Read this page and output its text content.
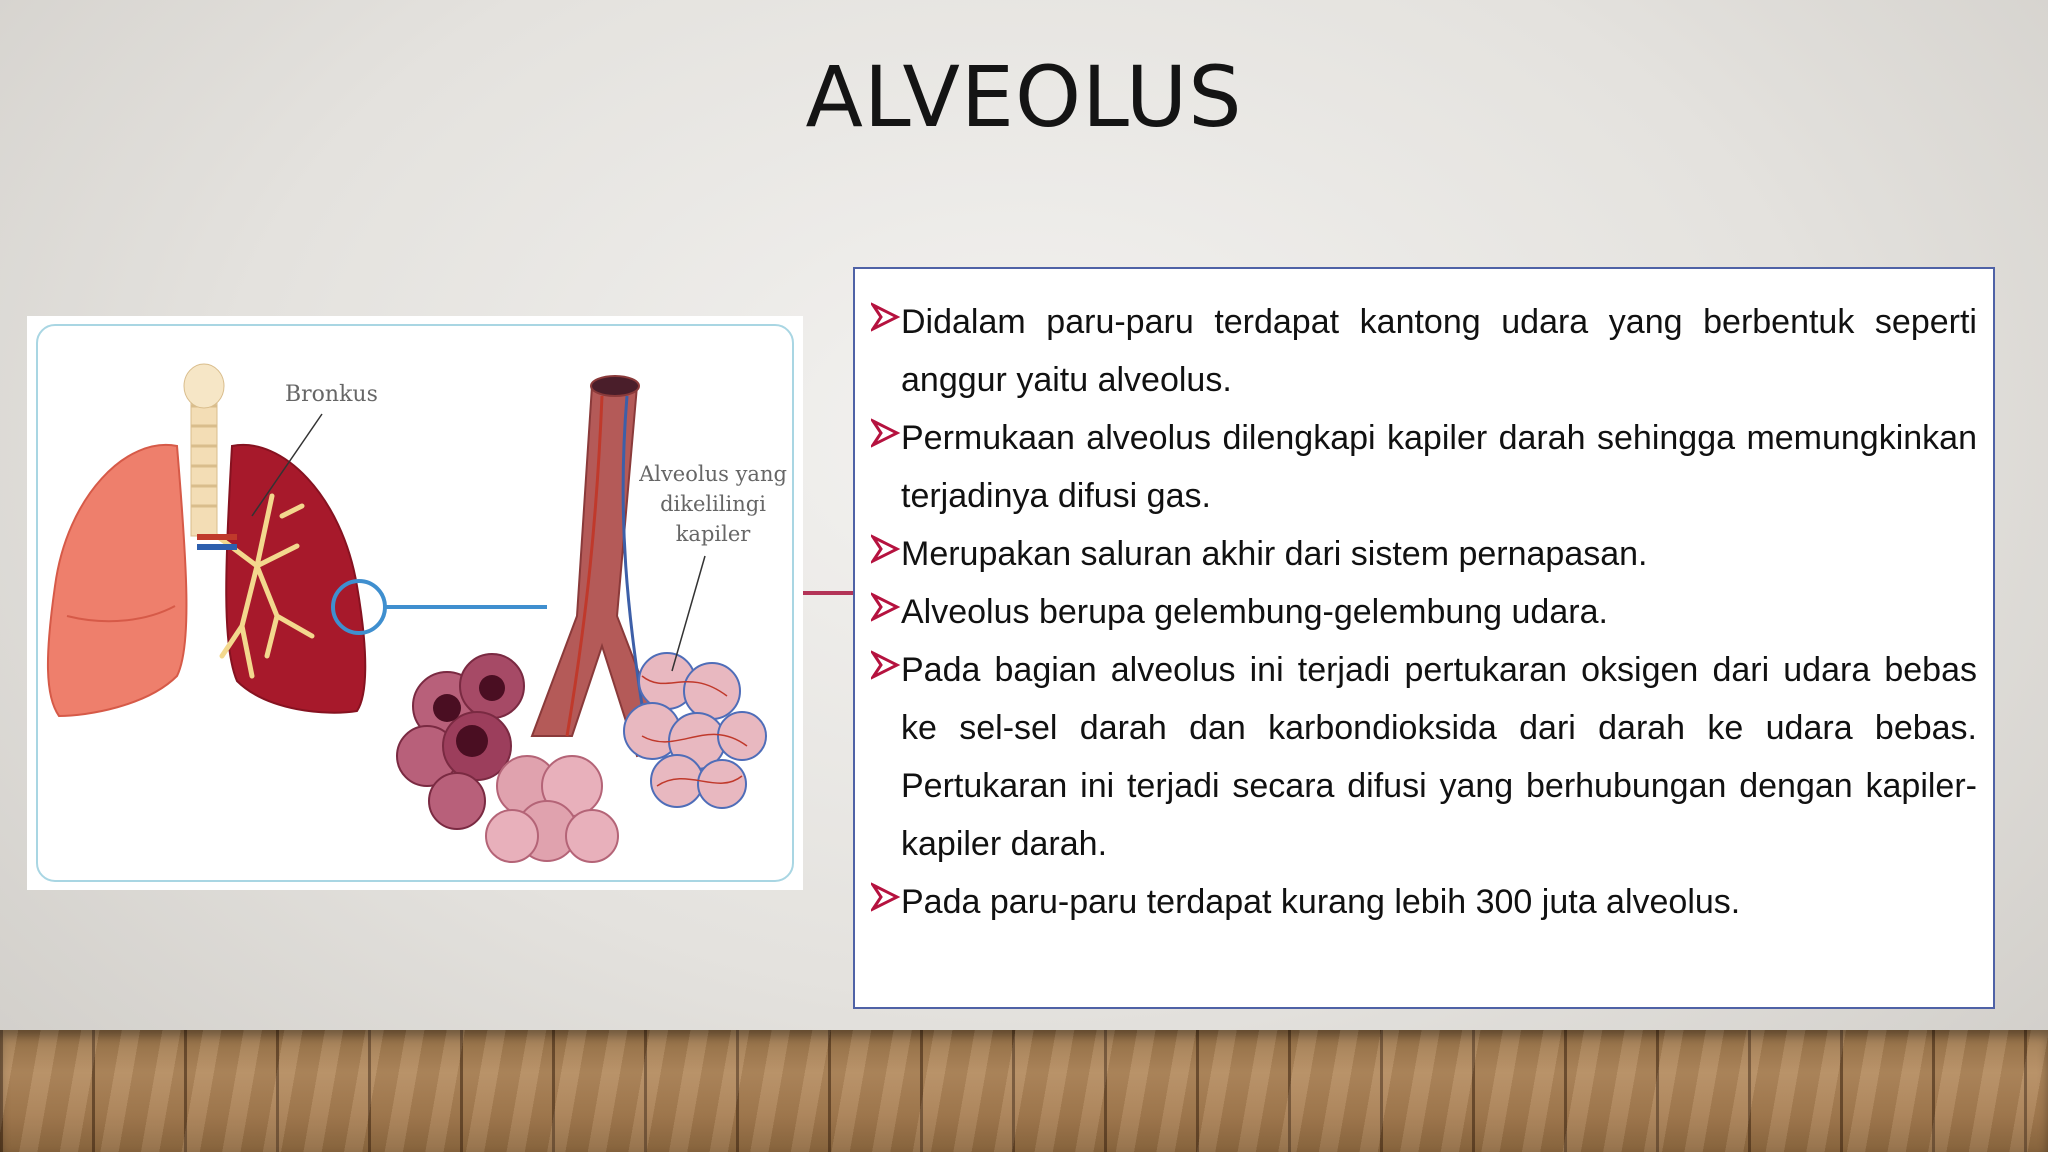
ALVEOLUS
Bronkus
Alveolus yang
dikelilingi
kapiler
Didalam paru-paru terdapat kantong udara yang berbentuk seperti anggur yaitu alveolus.
Permukaan alveolus dilengkapi kapiler darah sehingga memungkinkan terjadinya difusi gas.
Merupakan saluran akhir dari sistem pernapasan.
Alveolus berupa gelembung-gelembung udara.
Pada bagian alveolus ini terjadi pertukaran oksigen dari udara bebas ke sel-sel darah dan karbondioksida dari darah ke udara bebas. Pertukaran ini terjadi secara difusi yang berhubungan dengan kapiler-kapiler darah.
Pada paru-paru terdapat kurang lebih 300 juta alveolus.
